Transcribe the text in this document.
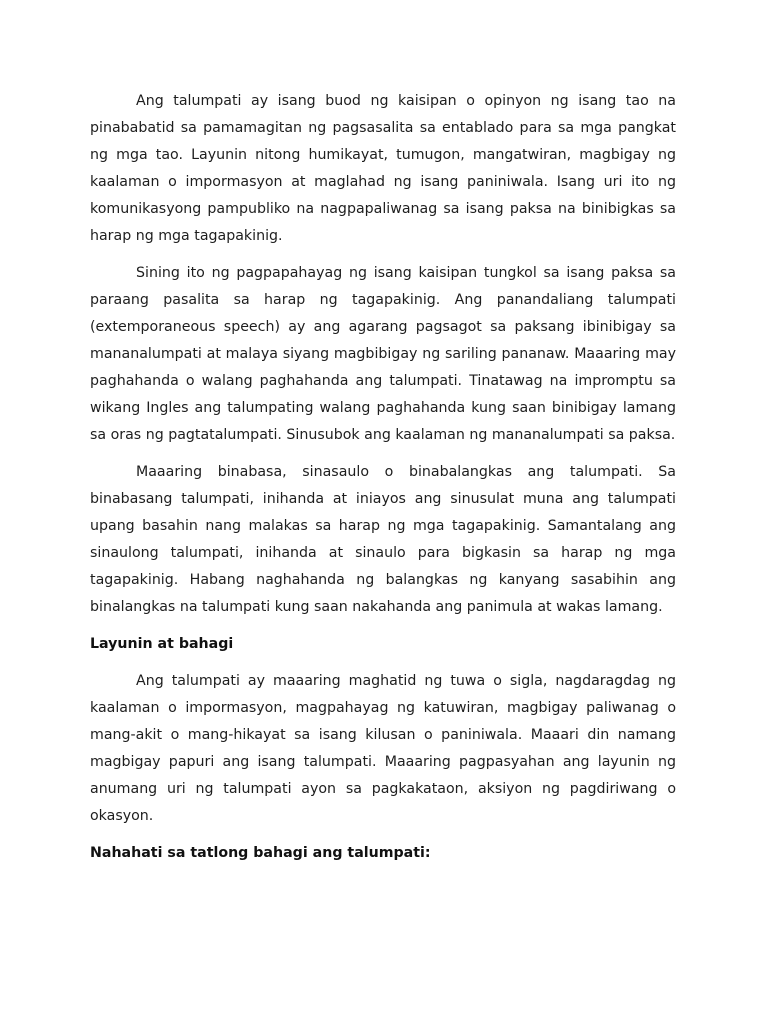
Ang talumpati ay isang buod ng kaisipan o opinyon ng isang tao na pinababatid sa pamamagitan ng pagsasalita sa entablado para sa mga pangkat ng mga tao. Layunin nitong humikayat, tumugon, mangatwiran, magbigay ng kaalaman o impormasyon at maglahad ng isang paniniwala. Isang uri ito ng komunikasyong pampubliko na nagpapaliwanag sa isang paksa na binibigkas sa harap ng mga tagapakinig.

Sining ito ng pagpapahayag ng isang kaisipan tungkol sa isang paksa sa paraang pasalita sa harap ng tagapakinig. Ang panandaliang talumpati (extemporaneous speech) ay ang agarang pagsagot sa paksang ibinibigay sa mananalumpati at malaya siyang magbibigay ng sariling pananaw. Maaaring may paghahanda o walang paghahanda ang talumpati. Tinatawag na impromptu sa wikang Ingles ang talumpating walang paghahanda kung saan binibigay lamang sa oras ng pagtatalumpati. Sinusubok ang kaalaman ng mananalumpati sa paksa.

Maaaring binabasa, sinasaulo o binabalangkas ang talumpati. Sa binabasang talumpati, inihanda at iniayos ang sinusulat muna ang talumpati upang basahin nang malakas sa harap ng mga tagapakinig. Samantalang ang sinaulong talumpati, inihanda at sinaulo para bigkasin sa harap ng mga tagapakinig. Habang naghahanda ng balangkas ng kanyang sasabihin ang binalangkas na talumpati kung saan nakahanda ang panimula at wakas lamang.

Layunin at bahagi

Ang talumpati ay maaaring maghatid ng tuwa o sigla, nagdaragdag ng kaalaman o impormasyon, magpahayag ng katuwiran, magbigay paliwanag o mang-akit o mang-hikayat sa isang kilusan o paniniwala. Maaari din namang magbigay papuri ang isang talumpati. Maaaring pagpasyahan ang layunin ng anumang uri ng talumpati ayon sa pagkakataon, aksiyon ng pagdiriwang o okasyon.

Nahahati sa tatlong bahagi ang talumpati:
